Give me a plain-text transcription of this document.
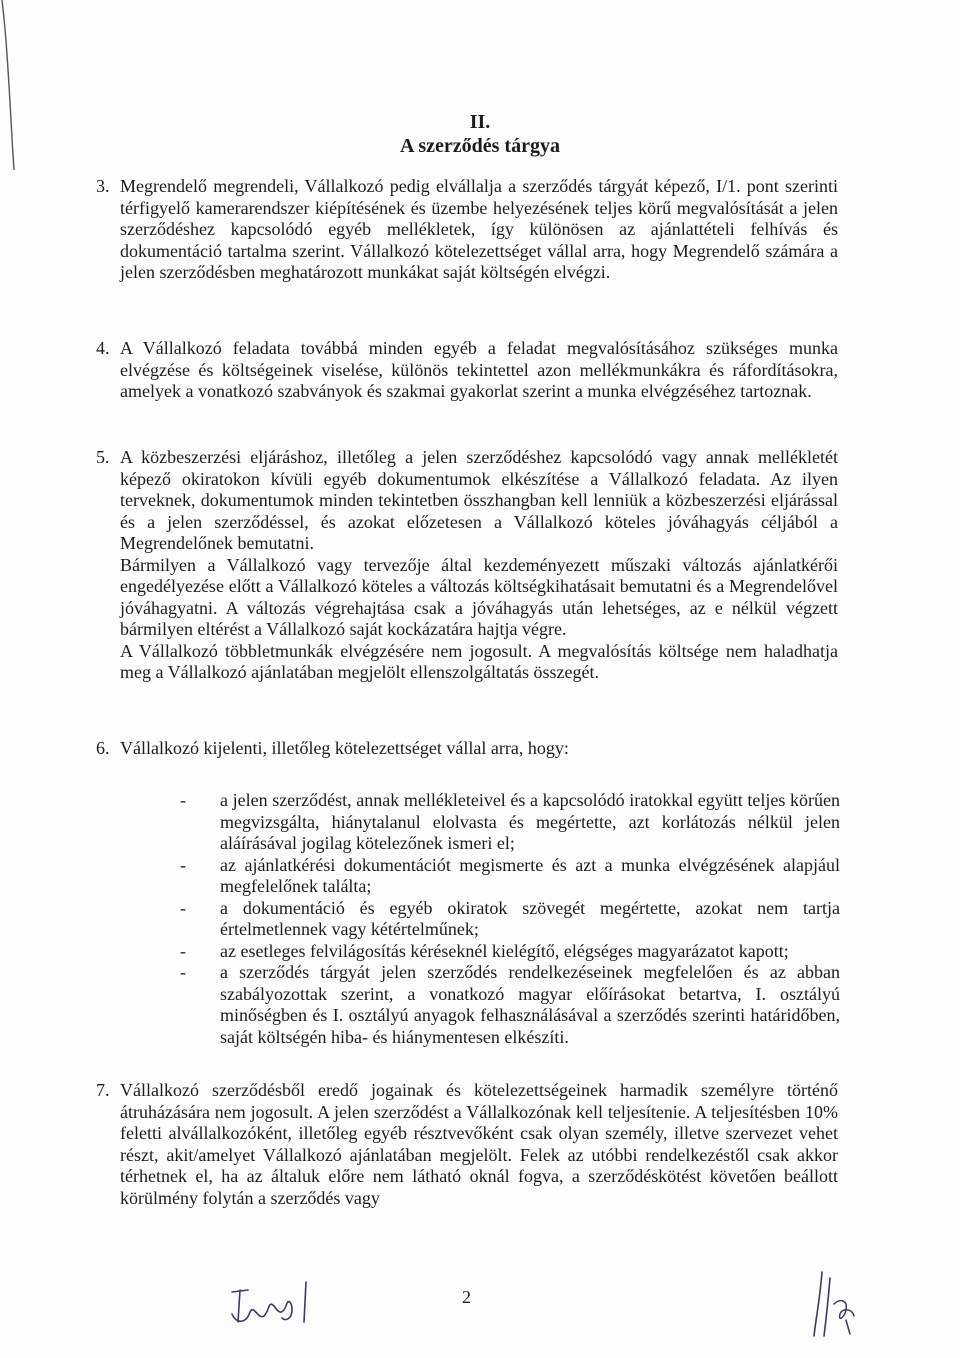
II.
A szerződés tárgya
3. Megrendelő megrendeli, Vállalkozó pedig elvállalja a szerződés tárgyát képező, I/1. pont szerinti térfigyelő kamerarendszer kiépítésének és üzembe helyezésének teljes körű megvalósítását a jelen szerződéshez kapcsolódó egyéb mellékletek, így különösen az ajánlattételi felhívás és dokumentáció tartalma szerint. Vállalkozó kötelezettséget vállal arra, hogy Megrendelő számára a jelen szerződésben meghatározott munkákat saját költségén elvégzi.

4. A Vállalkozó feladata továbbá minden egyéb a feladat megvalósításához szükséges munka elvégzése és költségeinek viselése, különös tekintettel azon mellékmunkákra és ráfordításokra, amelyek a vonatkozó szabványok és szakmai gyakorlat szerint a munka elvégzéséhez tartoznak.

5. A közbeszerzési eljáráshoz, illetőleg a jelen szerződéshez kapcsolódó vagy annak mellékletét képező okiratokon kívüli egyéb dokumentumok elkészítése a Vállalkozó feladata. Az ilyen terveknek, dokumentumok minden tekintetben összhangban kell lenniük a közbeszerzési eljárással és a jelen szerződéssel, és azokat előzetesen a Vállalkozó köteles jóváhagyás céljából a Megrendelőnek bemutatni.

Bármilyen a Vállalkozó vagy tervezője által kezdeményezett műszaki változás ajánlatkérői engedélyezése előtt a Vállalkozó köteles a változás költségkihatásait bemutatni és a Megrendelővel jóváhagyatni. A változás végrehajtása csak a jóváhagyás után lehetséges, az e nélkül végzett bármilyen eltérést a Vállalkozó saját kockázatára hajtja végre.

A Vállalkozó többletmunkák elvégzésére nem jogosult. A megvalósítás költsége nem haladhatja meg a Vállalkozó ajánlatában megjelölt ellenszolgáltatás összegét.

6. Vállalkozó kijelenti, illetőleg kötelezettséget vállal arra, hogy:

- a jelen szerződést, annak mellékleteivel és a kapcsolódó iratokkal együtt teljes körűen megvizsgálta, hiánytalanul elolvasta és megértette, azt korlátozás nélkül jelen aláírásával jogilag kötelezőnek ismeri el;
- az ajánlatkérési dokumentációt megismerte és azt a munka elvégzésének alapjául megfelelőnek találta;
- a dokumentáció és egyéb okiratok szövegét megértette, azokat nem tartja értelmetlennek vagy kétértelműnek;
- az esetleges felvilágosítás kéréseknél kielégítő, elégséges magyarázatot kapott;
- a szerződés tárgyát jelen szerződés rendelkezéseinek megfelelően és az abban szabályozottak szerint, a vonatkozó magyar előírásokat betartva, I. osztályú minőségben és I. osztályú anyagok felhasználásával a szerződés szerinti határidőben, saját költségén hiba- és hiánymentesen elkészíti.
7. Vállalkozó szerződésből eredő jogainak és kötelezettségeinek harmadik személyre történő átruházására nem jogosult. A jelen szerződést a Vállalkozónak kell teljesítenie. A teljesítésben 10% feletti alvállalkozóként, illetőleg egyéb résztvevőként csak olyan személy, illetve szervezet vehet részt, akit/amelyet Vállalkozó ajánlatában megjelölt. Felek az utóbbi rendelkezéstől csak akkor térhetnek el, ha az általuk előre nem látható oknál fogva, a szerződéskötést követően beállott körülmény folytán a szerződés vagy

2
